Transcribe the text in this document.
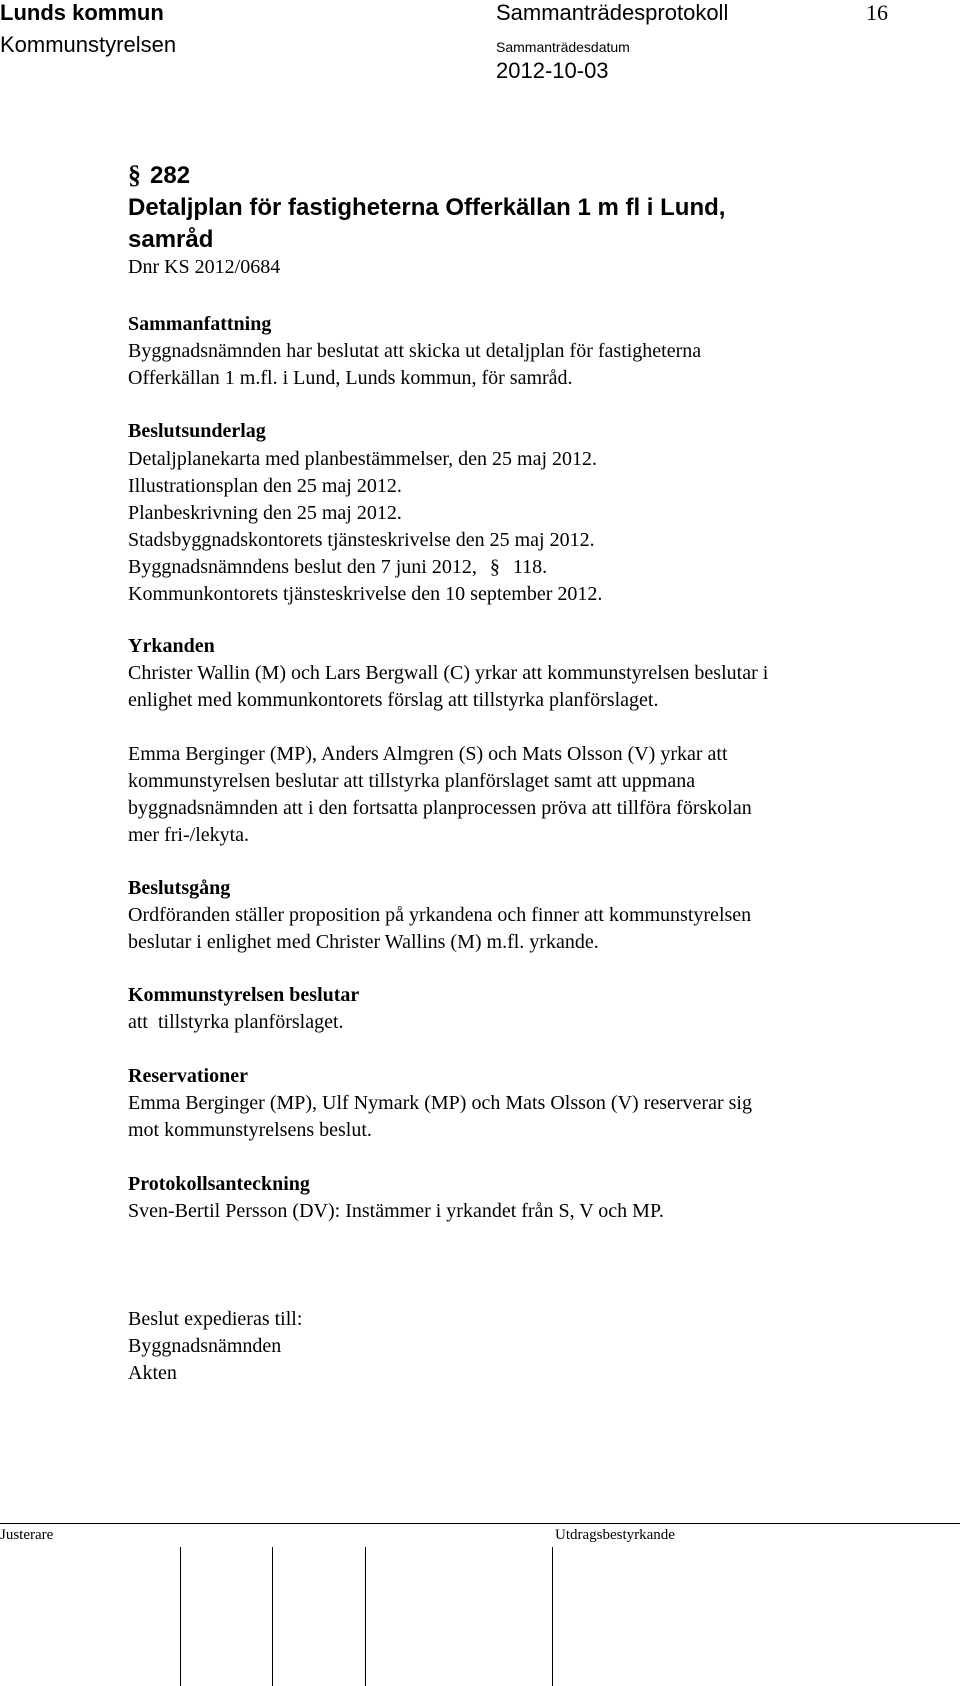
Lunds kommun
Kommunstyrelsen
Sammanträdesprotokoll	16
Sammanträdesdatum
2012-10-03
§ 282
Detaljplan för fastigheterna Offerkällan 1 m fl i Lund,
samråd
Dnr KS 2012/0684
Sammanfattning
Byggnadsnämnden har beslutat att skicka ut detaljplan för fastigheterna
Offerkällan 1 m.fl. i Lund, Lunds kommun, för samråd.
Beslutsunderlag
Detaljplanekarta med planbestämmelser, den 25 maj 2012.
Illustrationsplan den 25 maj 2012.
Planbeskrivning den 25 maj 2012.
Stadsbyggnadskontorets tjänsteskrivelse den 25 maj 2012.
Byggnadsnämndens beslut den 7 juni 2012, § 118.
Kommunkontorets tjänsteskrivelse den 10 september 2012.
Yrkanden
Christer Wallin (M) och Lars Bergwall (C) yrkar att kommunstyrelsen beslutar i
enlighet med kommunkontorets förslag att tillstyrka planförslaget.
Emma Berginger (MP), Anders Almgren (S) och Mats Olsson (V) yrkar att
kommunstyrelsen beslutar att tillstyrka planförslaget samt att uppmana
byggnadsnämnden att i den fortsatta planprocessen pröva att tillföra förskolan
mer fri-/lekyta.
Beslutsgång
Ordföranden ställer proposition på yrkandena och finner att kommunstyrelsen
beslutar i enlighet med Christer Wallins (M) m.fl. yrkande.
Kommunstyrelsen beslutar
att  tillstyrka planförslaget.
Reservationer
Emma Berginger (MP), Ulf Nymark (MP) och Mats Olsson (V) reserverar sig
mot kommunstyrelsens beslut.
Protokollsanteckning
Sven-Bertil Persson (DV): Instämmer i yrkandet från S, V och MP.
Beslut expedieras till:
Byggnadsnämnden
Akten
Justerare	Utdragsbestyrkande
